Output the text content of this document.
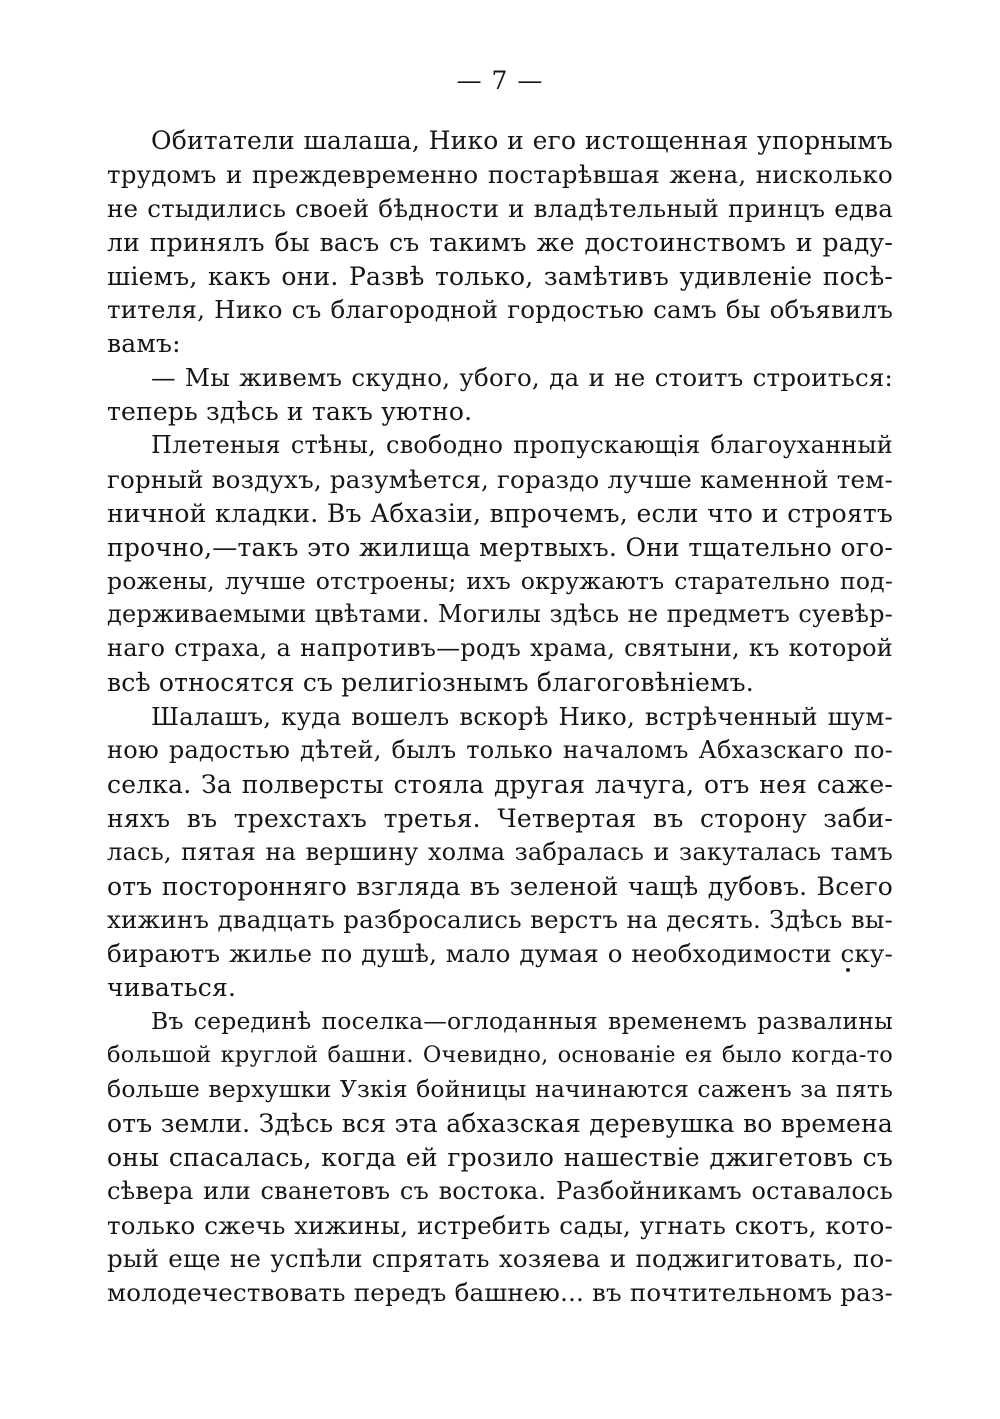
— 7 —
Обитатели шалаша, Нико и его истощенная упорнымъ
трудомъ и преждевременно постарѣвшая жена, нисколько
не стыдились своей бѣдности и владѣтельный принцъ едва
ли принялъ бы васъ съ такимъ же достоинствомъ и раду-
шіемъ, какъ они. Развѣ только, замѣтивъ удивленіе посѣ-
тителя, Нико съ благородной гордостью самъ бы объявилъ
вамъ:
— Мы живемъ скудно, убого, да и не стоитъ строиться:
теперь здѣсь и такъ уютно.
Плетеныя стѣны, свободно пропускающія благоуханный
горный воздухъ, разумѣется, гораздо лучше каменной тем-
ничной кладки. Въ Абхазіи, впрочемъ, если что и строятъ
прочно,—такъ это жилища мертвыхъ. Они тщательно ого-
рожены, лучше отстроены; ихъ окружаютъ старательно под-
держиваемыми цвѣтами. Могилы здѣсь не предметъ суевѣр-
наго страха, а напротивъ—родъ храма, святыни, къ которой
всѣ относятся съ религіознымъ благоговѣніемъ.
Шалашъ, куда вошелъ вскорѣ Нико, встрѣченный шум-
ною радостью дѣтей, былъ только началомъ Абхазскаго по-
селка. За полверсты стояла другая лачуга, отъ нея саже-
няхъ въ трехстахъ третья. Четвертая въ сторону заби-
лась, пятая на вершину холма забралась и закуталась тамъ
отъ посторонняго взгляда въ зеленой чащѣ дубовъ. Всего
хижинъ двадцать разбросались верстъ на десять. Здѣсь вы-
бираютъ жилье по душѣ, мало думая о необходимости ску-
чиваться.
Въ серединѣ поселка—оглоданныя временемъ развалины
большой круглой башни. Очевидно, основаніе ея было когда-то
больше верхушки Узкія бойницы начинаются саженъ за пять
отъ земли. Здѣсь вся эта абхазская деревушка во времена
оны спасалась, когда ей грозило нашествіе джигетовъ съ
сѣвера или сванетовъ съ востока. Разбойникамъ оставалось
только сжечь хижины, истребить сады, угнать скотъ, кото-
рый еще не успѣли спрятать хозяева и поджигитовать, по-
молодечествовать передъ башнею... въ почтительномъ раз-
